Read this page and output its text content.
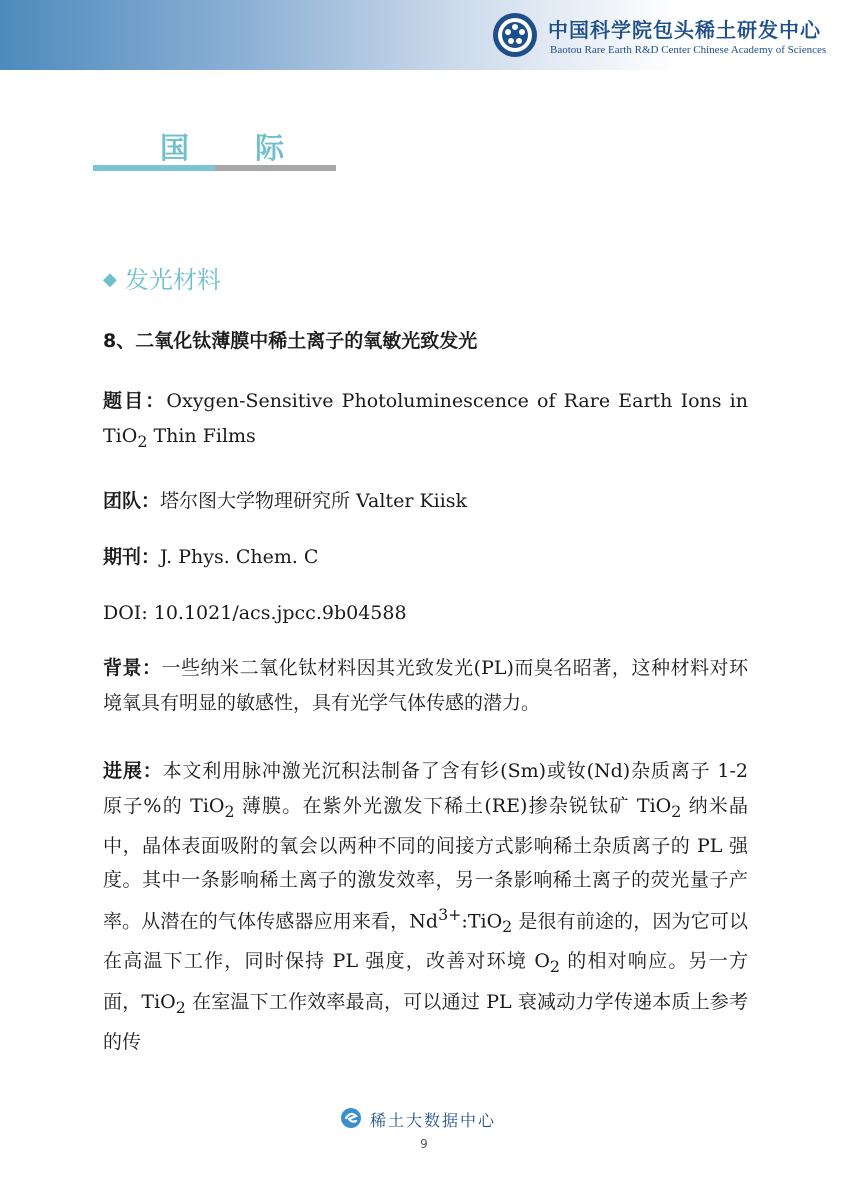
中国科学院包头稀土研发中心
Baotou Rare Earth R&D Center Chinese Academy of Sciences
国 际
◆ 发光材料
8、二氧化钛薄膜中稀土离子的氧敏光致发光
题目：Oxygen-Sensitive Photoluminescence of Rare Earth Ions in TiO$_2$ Thin Films
团队：塔尔图大学物理研究所 Valter Kiisk
期刊：J. Phys. Chem. C
DOI: 10.1021/acs.jpcc.9b04588
背景：一些纳米二氧化钛材料因其光致发光(PL)而臭名昭著，这种材料对环境氧具有明显的敏感性，具有光学气体传感的潜力。
进展：本文利用脉冲激光沉积法制备了含有钐(Sm)或钕(Nd)杂质离子 1-2 原子%的 TiO$_2$ 薄膜。在紫外光激发下稀土(RE)掺杂锐钛矿 TiO$_2$ 纳米晶中，晶体表面吸附的氧会以两种不同的间接方式影响稀土杂质离子的 PL 强度。其中一条影响稀土离子的激发效率，另一条影响稀土离子的荧光量子产率。从潜在的气体传感器应用来看，$Nd^{3+}:TiO_2$ 是很有前途的，因为它可以在高温下工作，同时保持 PL 强度，改善对环境 $O_2$ 的相对响应。另一方面，TiO$_2$ 在室温下工作效率最高，可以通过 PL 衰减动力学传递本质上参考的传
稀土大数据中心
9
